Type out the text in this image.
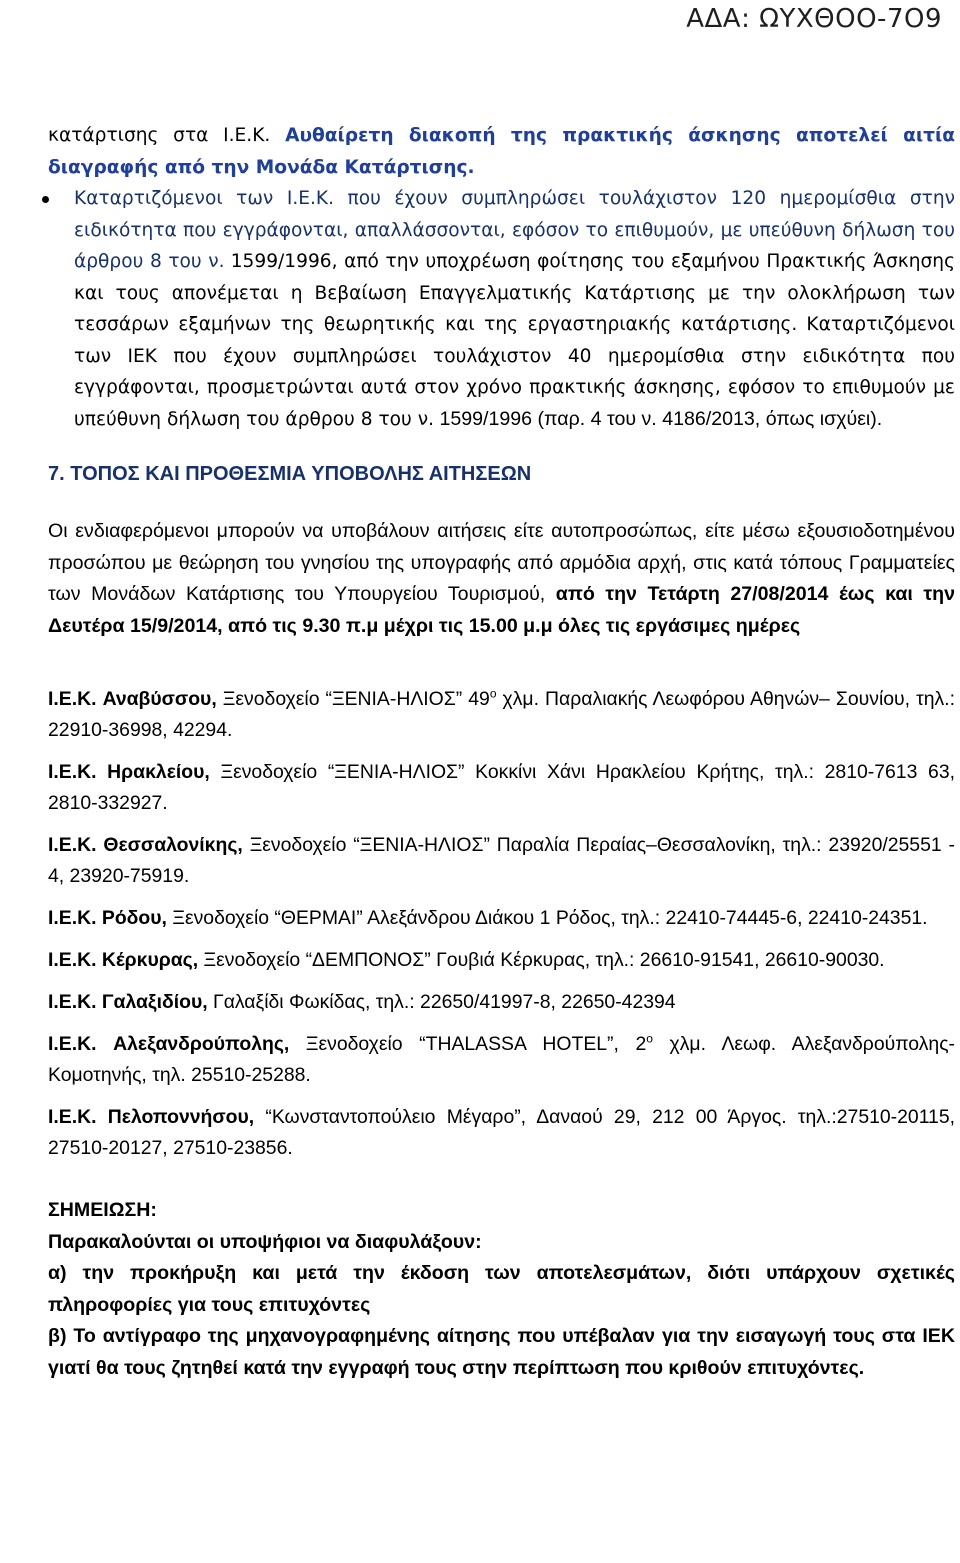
ΑΔΑ: ΩΥΧΘΟΟ-7Ο9

κατάρτισης στα Ι.Ε.Κ. Αυθαίρετη διακοπή της πρακτικής άσκησης αποτελεί αιτία διαγραφής από την Μονάδα Κατάρτισης.

Καταρτιζόμενοι των Ι.Ε.Κ. που έχουν συμπληρώσει τουλάχιστον 120 ημερομίσθια στην ειδικότητα που εγγράφονται, απαλλάσσονται, εφόσον το επιθυμούν, με υπεύθυνη δήλωση του άρθρου 8 του ν. 1599/1996, από την υποχρέωση φοίτησης του εξαμήνου Πρακτικής Άσκησης και τους απονέμεται η Βεβαίωση Επαγγελματικής Κατάρτισης με την ολοκλήρωση των τεσσάρων εξαμήνων της θεωρητικής και της εργαστηριακής κατάρτισης. Καταρτιζόμενοι των ΙΕΚ που έχουν συμπληρώσει τουλάχιστον 40 ημερομίσθια στην ειδικότητα που εγγράφονται, προσμετρώνται αυτά στον χρόνο πρακτικής άσκησης, εφόσον το επιθυμούν με υπεύθυνη δήλωση του άρθρου 8 του ν. 1599/1996 (παρ. 4 του ν. 4186/2013, όπως ισχύει).

7. ΤΟΠΟΣ ΚΑΙ ΠΡΟΘΕΣΜΙΑ ΥΠΟΒΟΛΗΣ ΑΙΤΗΣΕΩΝ

Οι ενδιαφερόμενοι μπορούν να υποβάλουν αιτήσεις είτε αυτοπροσώπως, είτε μέσω εξουσιοδοτημένου προσώπου με θεώρηση του γνησίου της υπογραφής από αρμόδια αρχή, στις κατά τόπους Γραμματείες των Μονάδων Κατάρτισης του Υπουργείου Τουρισμού, από την Τετάρτη 27/08/2014 έως και την Δευτέρα 15/9/2014, από τις 9.30 π.μ μέχρι τις 15.00 μ.μ όλες τις εργάσιμες ημέρες

Ι.Ε.Κ. Αναβύσσου, Ξενοδοχείο “ΞΕΝΙΑ-ΗΛΙΟΣ” $49^o$ χλμ. Παραλιακής Λεωφόρου Αθηνών– Σουνίου, τηλ.: 22910-36998, 42294.

Ι.Ε.Κ. Ηρακλείου, Ξενοδοχείο “ΞΕΝΙΑ-ΗΛΙΟΣ” Κοκκίνι Χάνι Ηρακλείου Κρήτης, τηλ.: 2810-7613 63, 2810-332927.

Ι.Ε.Κ. Θεσσαλονίκης, Ξενοδοχείο “ΞΕΝΙΑ-ΗΛΙΟΣ” Παραλία Περαίας–Θεσσαλονίκη, τηλ.: 23920/25551 - 4, 23920-75919.

Ι.Ε.Κ. Ρόδου, Ξενοδοχείο “ΘΕΡΜΑΙ” Αλεξάνδρου Διάκου 1 Ρόδος, τηλ.: 22410-74445-6, 22410-24351.

Ι.Ε.Κ. Κέρκυρας, Ξενοδοχείο “ΔΕΜΠΟΝΟΣ” Γουβιά Κέρκυρας, τηλ.: 26610-91541, 26610-90030.

Ι.Ε.Κ. Γαλαξιδίου, Γαλαξίδι Φωκίδας, τηλ.: 22650/41997-8, 22650-42394

Ι.Ε.Κ. Αλεξανδρούπολης, Ξενοδοχείο “THALASSA HOTEL”, $2^o$ χλμ. Λεωφ. Αλεξανδρούπολης-Κομοτηνής, τηλ. 25510-25288.

Ι.Ε.Κ. Πελοποννήσου, “Κωνσταντοπούλειο Μέγαρο”, Δαναού 29, 212 00 Άργος. τηλ.:27510-20115, 27510-20127, 27510-23856.

ΣΗΜΕΙΩΣΗ:

Παρακαλούνται οι υποψήφιοι να διαφυλάξουν:

α) την προκήρυξη και μετά την έκδοση των αποτελεσμάτων, διότι υπάρχουν σχετικές πληροφορίες για τους επιτυχόντες

β) Το αντίγραφο της μηχανογραφημένης αίτησης που υπέβαλαν για την εισαγωγή τους στα ΙΕΚ γιατί θα τους ζητηθεί κατά την εγγραφή τους στην περίπτωση που κριθούν επιτυχόντες.
